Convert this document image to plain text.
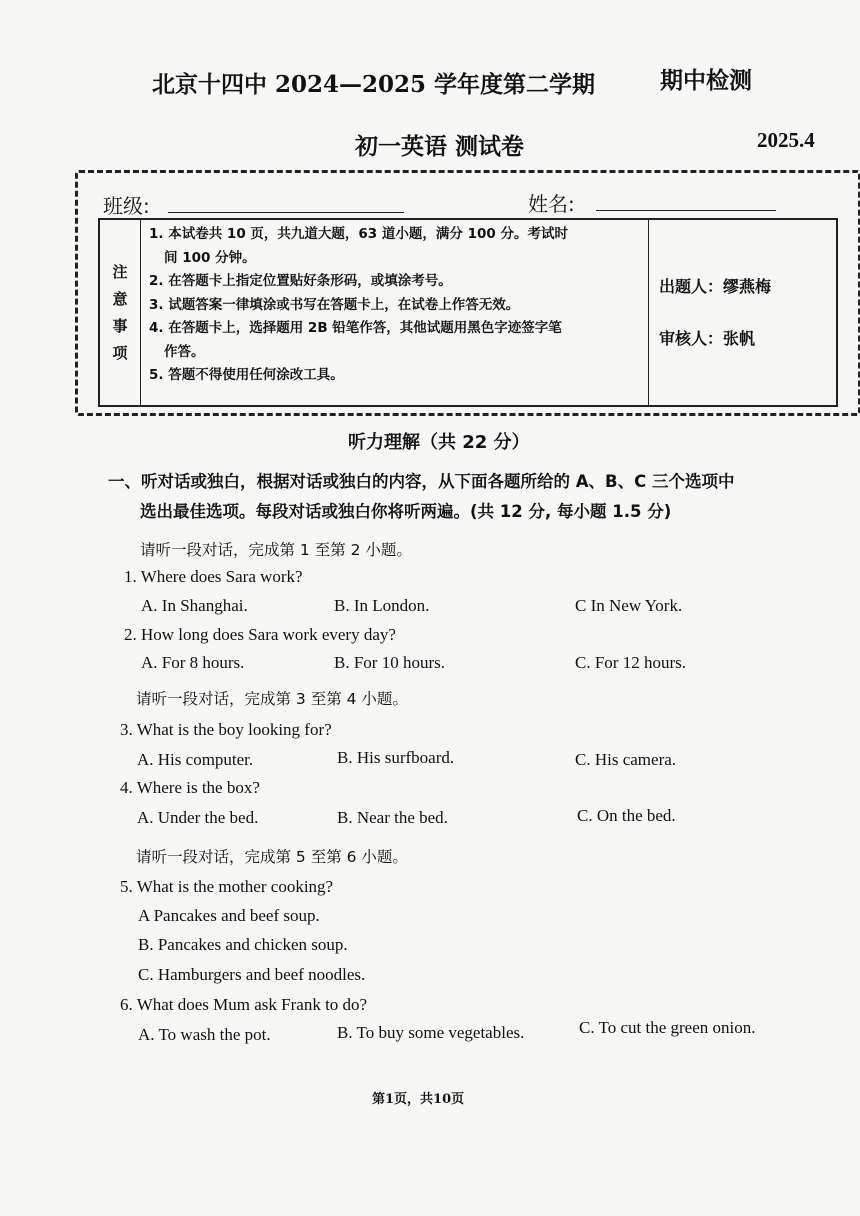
北京十四中 2024—2025 学年度第二学期	期中检测
初一英语 测试卷	2025.4
班级:	姓名:
注
意
事
项
1. 本试卷共 10 页，共九道大题，63 道小题，满分 100 分。考试时
间 100 分钟。
2. 在答题卡上指定位置贴好条形码，或填涂考号。
3. 试题答案一律填涂或书写在答题卡上，在试卷上作答无效。
4. 在答题卡上，选择题用 2B 铅笔作答，其他试题用黑色字迹签字笔
作答。
5. 答题不得使用任何涂改工具。
出题人：缪燕梅
审核人：张帆
听力理解（共 22 分）
一、听对话或独白，根据对话或独白的内容，从下面各题所给的 A、B、C 三个选项中
选出最佳选项。每段对话或独白你将听两遍。(共 12 分, 每小题 1.5 分)
请听一段对话，完成第 1 至第 2 小题。
1. Where does Sara work?
A. In Shanghai.	B. In London.	C In New York.
2. How long does Sara work every day?
A. For 8 hours.	B. For 10 hours.	C. For 12 hours.
请听一段对话，完成第 3 至第 4 小题。
3. What is the boy looking for?
A. His computer.	B. His surfboard.	C. His camera.
4. Where is the box?
A. Under the bed.	B. Near the bed.	C. On the bed.
请听一段对话，完成第 5 至第 6 小题。
5. What is the mother cooking?
A Pancakes and beef soup.
B. Pancakes and chicken soup.
C. Hamburgers and beef noodles.
6. What does Mum ask Frank to do?
A. To wash the pot.	B. To buy some vegetables.	C. To cut the green onion.
第1页，共10页
